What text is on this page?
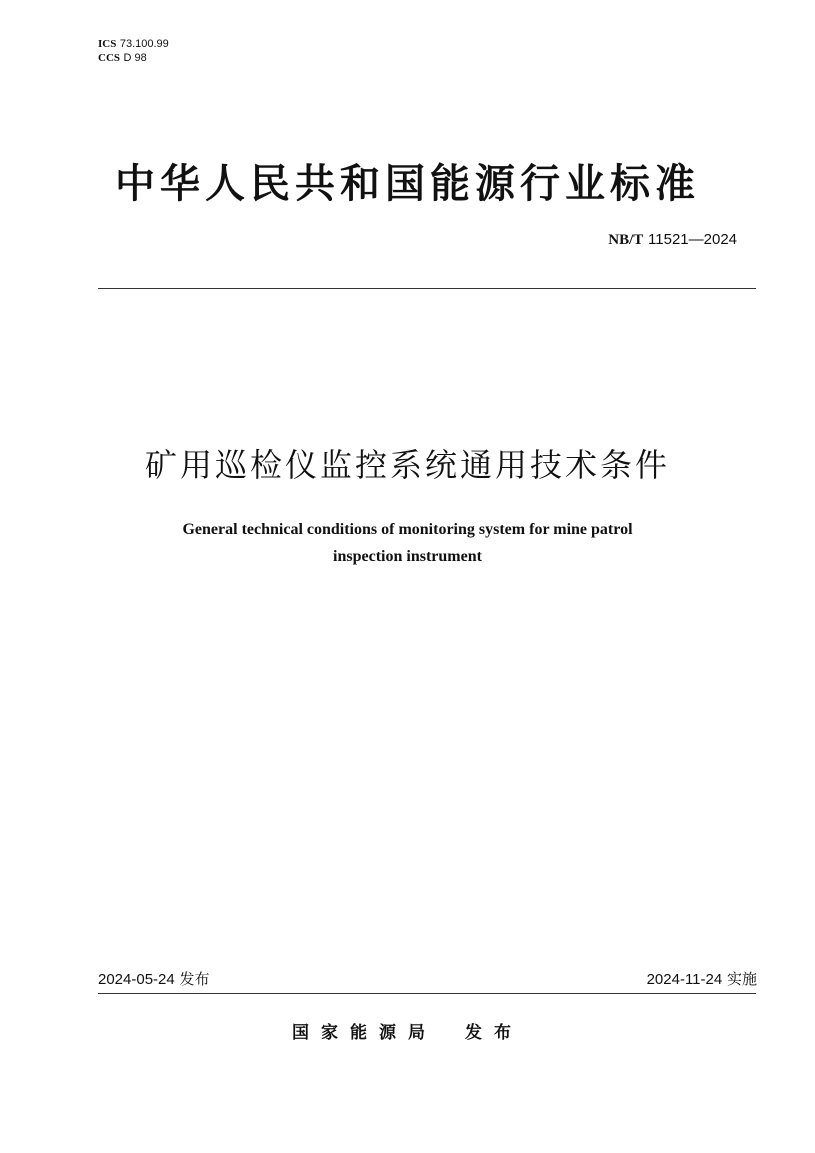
ICS 73.100.99
CCS D 98
中华人民共和国能源行业标准
NB/T 11521—2024
矿用巡检仪监控系统通用技术条件
General technical conditions of monitoring system for mine patrol
inspection instrument
2024-05-24 发布	2024-11-24 实施
国家能源局 发布
